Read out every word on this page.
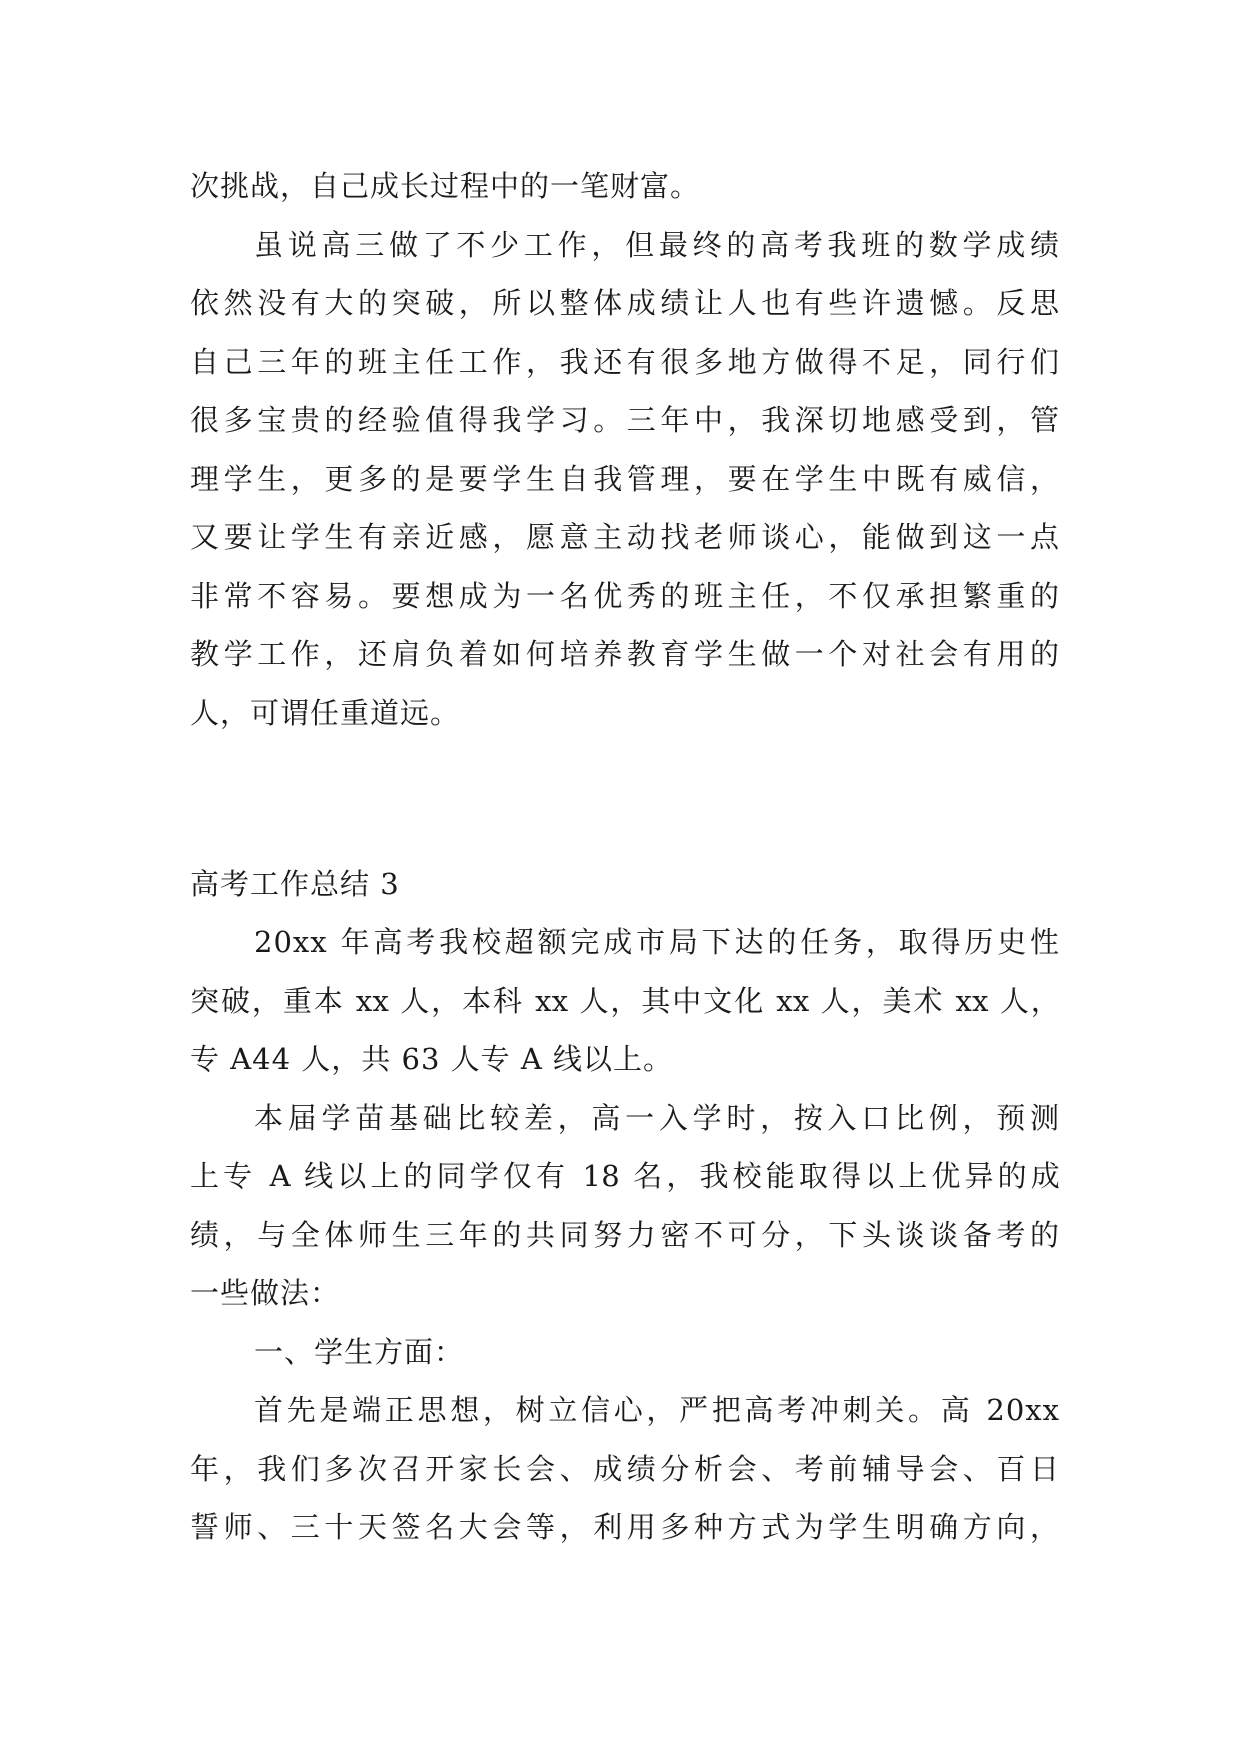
次挑战，自己成长过程中的一笔财富。
虽说高三做了不少工作，但最终的高考我班的数学成绩
依然没有大的突破，所以整体成绩让人也有些许遗憾。反思
自己三年的班主任工作，我还有很多地方做得不足，同行们
很多宝贵的经验值得我学习。三年中，我深切地感受到，管
理学生，更多的是要学生自我管理，要在学生中既有威信，
又要让学生有亲近感，愿意主动找老师谈心，能做到这一点
非常不容易。要想成为一名优秀的班主任，不仅承担繁重的
教学工作，还肩负着如何培养教育学生做一个对社会有用的
人，可谓任重道远。
高考工作总结 3
20xx 年高考我校超额完成市局下达的任务，取得历史性
突破，重本 xx 人，本科 xx 人，其中文化 xx 人，美术 xx 人，
专 A44 人，共 63 人专 A 线以上。
本届学苗基础比较差，高一入学时，按入口比例，预测
上专 A 线以上的同学仅有 18 名，我校能取得以上优异的成
绩，与全体师生三年的共同努力密不可分，下头谈谈备考的
一些做法：
一、学生方面：
首先是端正思想，树立信心，严把高考冲刺关。高 20xx
年，我们多次召开家长会、成绩分析会、考前辅导会、百日
誓师、三十天签名大会等，利用多种方式为学生明确方向，
